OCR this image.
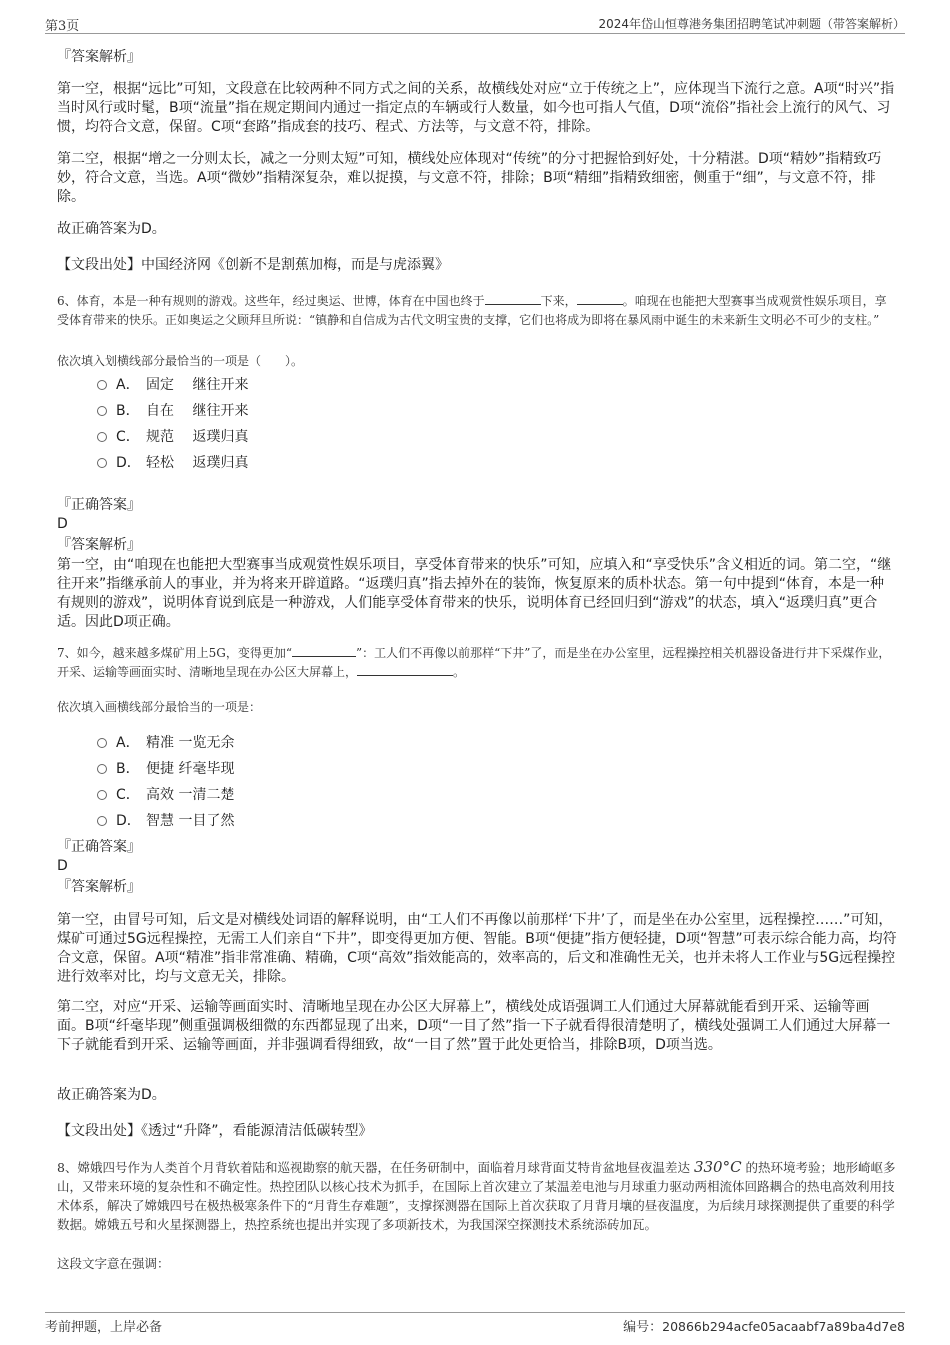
第3页	2024年岱山恒尊港务集团招聘笔试冲刺题（带答案解析）
『答案解析』
第一空，根据“远比”可知，文段意在比较两种不同方式之间的关系，故横线处对应“立于传统之上”，应体现当下流行之意。A项“时兴”指当时风行或时髦，B项“流量”指在规定期间内通过一指定点的车辆或行人数量，如今也可指人气值，D项“流俗”指社会上流行的风气、习惯，均符合文意，保留。C项“套路”指成套的技巧、程式、方法等，与文意不符，排除。
第二空，根据“增之一分则太长，减之一分则太短”可知，横线处应体现对“传统”的分寸把握恰到好处，十分精湛。D项“精妙”指精致巧妙，符合文意，当选。A项“微妙”指精深复杂，难以捉摸，与文意不符，排除；B项“精细”指精致细密，侧重于“细”，与文意不符，排除。
故正确答案为D。
【文段出处】中国经济网《创新不是割蕉加梅，而是与虎添翼》
6、体育，本是一种有规则的游戏。这些年，经过奥运、世博，体育在中国也终于	下来，	。咱现在也能把大型赛事当成观赏性娱乐项目，享受体育带来的快乐。正如奥运之父顾拜旦所说：“镇静和自信成为古代文明宝贵的支撑，它们也将成为即将在暴风雨中诞生的未来新生文明必不可少的支柱。”
依次填入划横线部分最恰当的一项是（　　）。
A． 固定　 继往开来
B． 自在　 继往开来
C． 规范　 返璞归真
D． 轻松　 返璞归真
『正确答案』
D
『答案解析』
第一空，由“咱现在也能把大型赛事当成观赏性娱乐项目，享受体育带来的快乐”可知，应填入和“享受快乐”含义相近的词。第二空，“继往开来”指继承前人的事业，并为将来开辟道路。“返璞归真”指去掉外在的装饰，恢复原来的质朴状态。第一句中提到“体育，本是一种有规则的游戏”，说明体育说到底是一种游戏，人们能享受体育带来的快乐，说明体育已经回归到“游戏”的状态，填入“返璞归真”更合适。因此D项正确。
7、如今，越来越多煤矿用上5G，变得更加“	”：工人们不再像以前那样“下井”了，而是坐在办公室里，远程操控相关机器设备进行井下采煤作业，开采、运输等画面实时、清晰地呈现在办公区大屏幕上，	。
依次填入画横线部分最恰当的一项是：
A． 精准 一览无余
B． 便捷 纤毫毕现
C． 高效 一清二楚
D． 智慧 一目了然
『正确答案』
D
『答案解析』
第一空，由冒号可知，后文是对横线处词语的解释说明，由“工人们不再像以前那样‘下井’了，而是坐在办公室里，远程操控……”可知，煤矿可通过5G远程操控，无需工人们亲自“下井”，即变得更加方便、智能。B项“便捷”指方便轻捷，D项“智慧”可表示综合能力高，均符合文意，保留。A项“精准”指非常准确、精确，C项“高效”指效能高的，效率高的，后文和准确性无关，也并未将人工作业与5G远程操控进行效率对比，均与文意无关，排除。
第二空，对应“开采、运输等画面实时、清晰地呈现在办公区大屏幕上”，横线处成语强调工人们通过大屏幕就能看到开采、运输等画面。B项“纤毫毕现”侧重强调极细微的东西都显现了出来，D项“一目了然”指一下子就看得很清楚明了，横线处强调工人们通过大屏幕一下子就能看到开采、运输等画面，并非强调看得细致，故“一目了然”置于此处更恰当，排除B项，D项当选。
故正确答案为D。
【文段出处】《透过“升降”，看能源清洁低碳转型》
8、嫦娥四号作为人类首个月背软着陆和巡视勘察的航天器，在任务研制中，面临着月球背面艾特肯盆地昼夜温差达 330°C 的热环境考验；地形崎岖多山，又带来环境的复杂性和不确定性。热控团队以核心技术为抓手，在国际上首次建立了某温差电池与月球重力驱动两相流体回路耦合的热电高效利用技术体系，解决了嫦娥四号在极热极寒条件下的“月背生存难题”，支撑探测器在国际上首次获取了月背月壤的昼夜温度，为后续月球探测提供了重要的科学数据。嫦娥五号和火星探测器上，热控系统也提出并实现了多项新技术，为我国深空探测技术系统添砖加瓦。
这段文字意在强调：
考前押题，上岸必备	编号：20866b294acfe05acaabf7a89ba4d7e8
